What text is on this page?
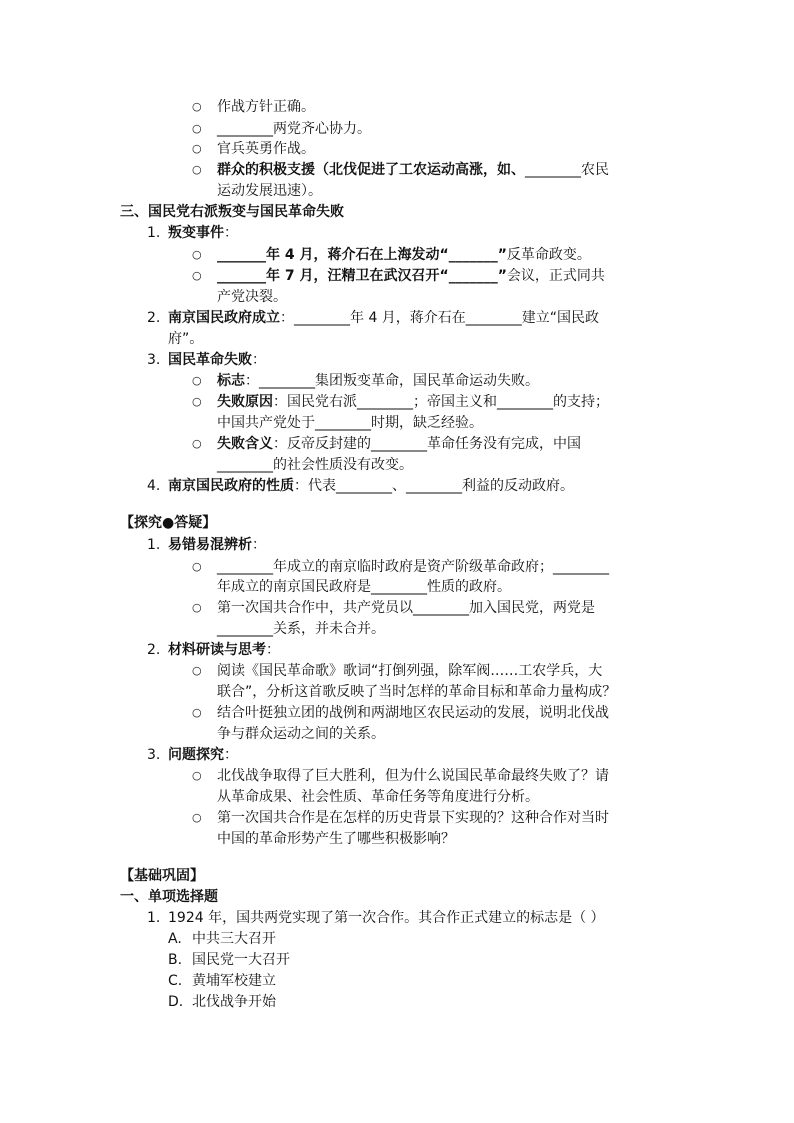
○ 作战方针正确。
○ ________两党齐心协力。
○ 官兵英勇作战。
○ 群众的积极支援（北伐促进了工农运动高涨，如、________农民
运动发展迅速）。
三、国民党右派叛变与国民革命失败
1. 叛变事件：
○ _______年 4 月，蒋介石在上海发动“_______”反革命政变。
○ _______年 7 月，汪精卫在武汉召开“_______”会议，正式同共
产党决裂。
2. 南京国民政府成立：________年 4 月，蒋介石在________建立“国民政
府”。
3. 国民革命失败：
○ 标志：________集团叛变革命，国民革命运动失败。
○ 失败原因：国民党右派________；帝国主义和________的支持；
中国共产党处于________时期，缺乏经验。
○ 失败含义：反帝反封建的________革命任务没有完成，中国
________的社会性质没有改变。
4. 南京国民政府的性质：代表________、________利益的反动政府。
【探究●答疑】
1. 易错易混辨析：
○ ________年成立的南京临时政府是资产阶级革命政府；________
年成立的南京国民政府是________性质的政府。
○ 第一次国共合作中，共产党员以________加入国民党，两党是
________关系，并未合并。
2. 材料研读与思考：
○ 阅读《国民革命歌》歌词“打倒列强，除军阀……工农学兵，大
联合”，分析这首歌反映了当时怎样的革命目标和革命力量构成？
○ 结合叶挺独立团的战例和两湖地区农民运动的发展，说明北伐战
争与群众运动之间的关系。
3. 问题探究：
○ 北伐战争取得了巨大胜利，但为什么说国民革命最终失败了？请
从革命成果、社会性质、革命任务等角度进行分析。
○ 第一次国共合作是在怎样的历史背景下实现的？这种合作对当时
中国的革命形势产生了哪些积极影响？
【基础巩固】
一、单项选择题
1. 1924 年，国共两党实现了第一次合作。其合作正式建立的标志是（ ）
A. 中共三大召开
B. 国民党一大召开
C. 黄埔军校建立
D. 北伐战争开始
